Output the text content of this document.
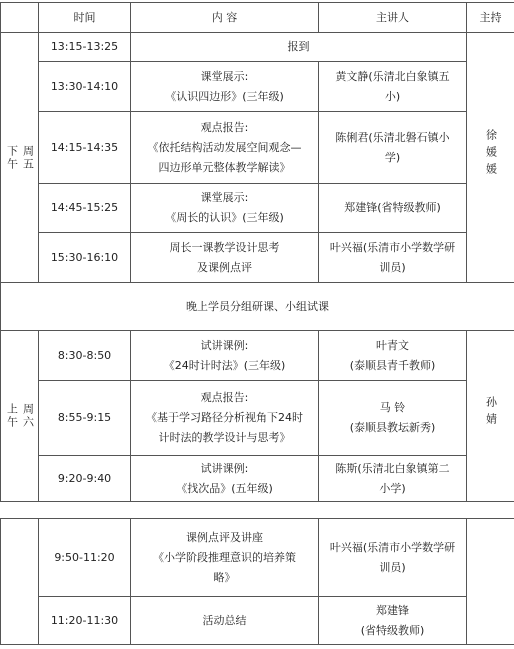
	时间	内 容	主讲人	主持

下午 周五	13:15-13:25	报到		徐媛媛
	13:30-14:10	课堂展示:
《认识四边形》(三年级)	黄文静(乐清北白象镇五
小)	

	14:15-14:35	观点报告:
《依托结构活动发展空间观念—
四边形单元整体教学解读》	陈俐君(乐清北磐石镇小
学)	

	14:45-15:25	课堂展示:
《周长的认识》(三年级)	郑建锋(省特级教师)	
	15:30-16:10	周长一课教学设计思考
及课例点评	叶兴福(乐清市小学数学研
训员)	

晚上学员分组研课、小组试课				

上午 周六	8:30-8:50	试讲课例:
《24时计时法》(三年级)	叶青文
(泰顺县青千教师)	孙婧
	8:55-9:15	观点报告:
《基于学习路径分析视角下24时
计时法的教学设计与思考》	马 铃
(泰顺县教坛新秀)	

	9:20-9:40	试讲课例:
《找次品》(五年级)	陈斯(乐清北白象镇第二
小学)	
	9:50-11:20	课例点评及讲座
《小学阶段推理意识的培养策
略》	叶兴福(乐清市小学数学研
训员)	

	11:20-11:30	活动总结	郑建锋
(省特级教师)	
